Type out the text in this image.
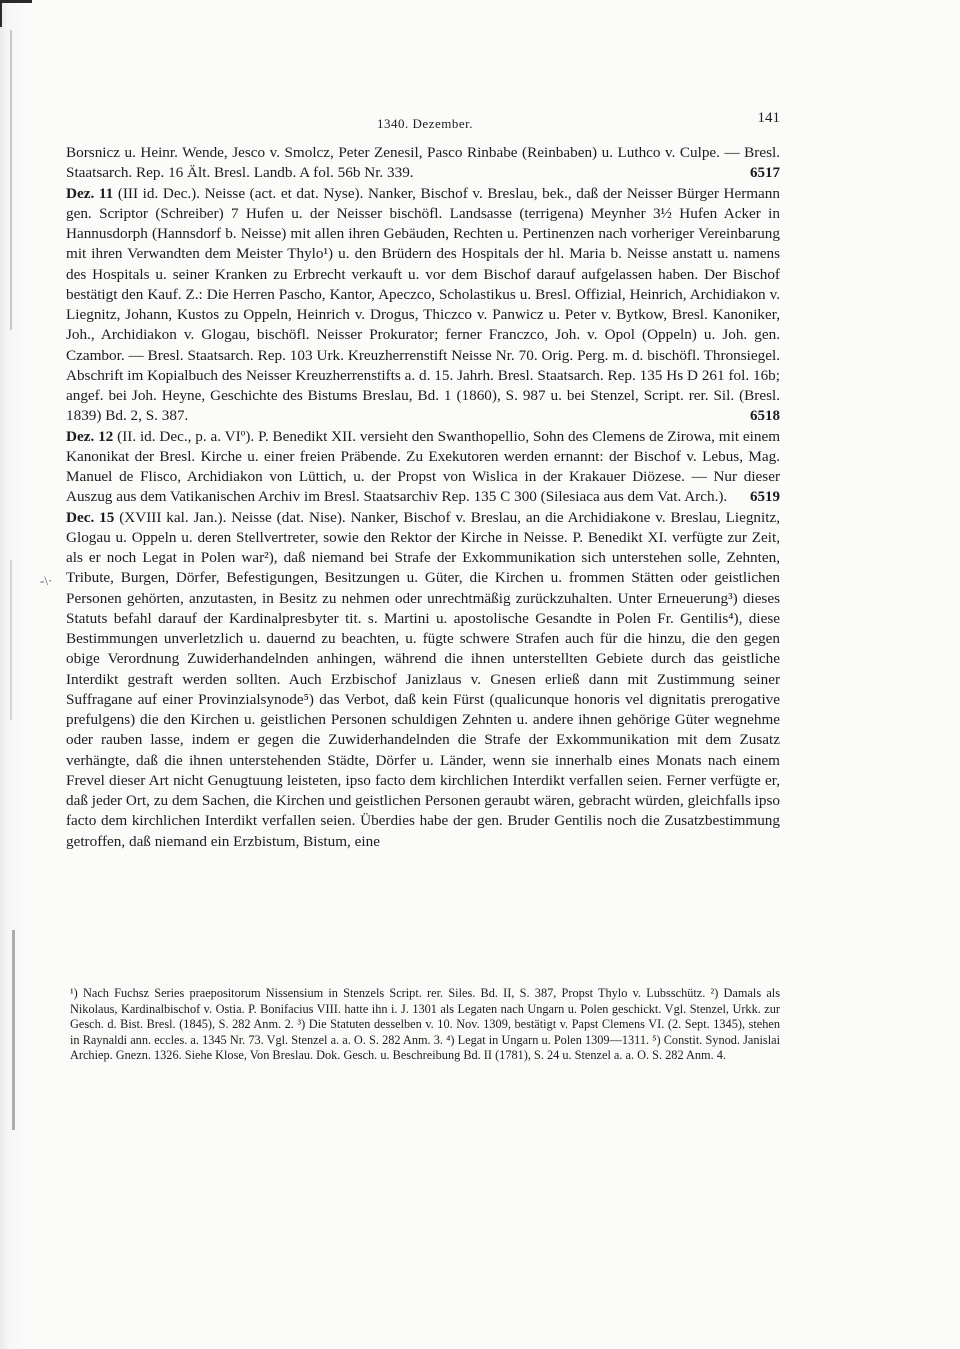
1340. Dezember.	141
-\·

Borsnicz u. Heinr. Wende, Jesco v. Smolcz, Peter Zenesil, Pasco Rinbabe (Reinbaben) u. Luthco v. Culpe. — Bresl. Staatsarch. Rep. 16 Ält. Bresl. Landb. A fol. 56b Nr. 339.	6517

Dez. 11 (III id. Dec.). Neisse (act. et dat. Nyse). Nanker, Bischof v. Breslau, bek., daß der Neisser Bürger Hermann gen. Scriptor (Schreiber) 7 Hufen u. der Neisser bischöfl. Landsasse (terrigena) Meynher 3½ Hufen Acker in Hannusdorph (Hannsdorf b. Neisse) mit allen ihren Gebäuden, Rechten u. Pertinenzen nach vorheriger Vereinbarung mit ihren Verwandten dem Meister Thylo¹) u. den Brüdern des Hospitals der hl. Maria b. Neisse anstatt u. namens des Hospitals u. seiner Kranken zu Erbrecht verkauft u. vor dem Bischof darauf aufgelassen haben. Der Bischof bestätigt den Kauf. Z.: Die Herren Pascho, Kantor, Apeczco, Scholastikus u. Bresl. Offizial, Heinrich, Archidiakon v. Liegnitz, Johann, Kustos zu Oppeln, Heinrich v. Drogus, Thiczco v. Panwicz u. Peter v. Bytkow, Bresl. Kanoniker, Joh., Archidiakon v. Glogau, bischöfl. Neisser Prokurator; ferner Franczco, Joh. v. Opol (Oppeln) u. Joh. gen. Czambor. — Bresl. Staatsarch. Rep. 103 Urk. Kreuzherrenstift Neisse Nr. 70. Orig. Perg. m. d. bischöfl. Thronsiegel. Abschrift im Kopialbuch des Neisser Kreuzherrenstifts a. d. 15. Jahrh. Bresl. Staatsarch. Rep. 135 Hs D 261 fol. 16b; angef. bei Joh. Heyne, Geschichte des Bistums Breslau, Bd. 1 (1860), S. 987 u. bei Stenzel, Script. rer. Sil. (Bresl. 1839) Bd. 2, S. 387.	6518

Dez. 12 (II. id. Dec., p. a. VIº). P. Benedikt XII. versieht den Swanthopellio, Sohn des Clemens de Zirowa, mit einem Kanonikat der Bresl. Kirche u. einer freien Präbende. Zu Exekutoren werden ernannt: der Bischof v. Lebus, Mag. Manuel de Flisco, Archidiakon von Lüttich, u. der Propst von Wislica in der Krakauer Diözese. — Nur dieser Auszug aus dem Vatikanischen Archiv im Bresl. Staatsarchiv Rep. 135 C 300 (Silesiaca aus dem Vat. Arch.). 6519

Dec. 15 (XVIII kal. Jan.). Neisse (dat. Nise). Nanker, Bischof v. Breslau, an die Archidiakone v. Breslau, Liegnitz, Glogau u. Oppeln u. deren Stellvertreter, sowie den Rektor der Kirche in Neisse. P. Benedikt XI. verfügte zur Zeit, als er noch Legat in Polen war²), daß niemand bei Strafe der Exkommunikation sich unterstehen solle, Zehnten, Tribute, Burgen, Dörfer, Befestigungen, Besitzungen u. Güter, die Kirchen u. frommen Stätten oder geistlichen Personen gehörten, anzutasten, in Besitz zu nehmen oder unrechtmäßig zurückzuhalten. Unter Erneuerung³) dieses Statuts befahl darauf der Kardinalpresbyter tit. s. Martini u. apostolische Gesandte in Polen Fr. Gentilis⁴), diese Bestimmungen unverletzlich u. dauernd zu beachten, u. fügte schwere Strafen auch für die hinzu, die den gegen obige Verordnung Zuwiderhandelnden anhingen, während die ihnen unterstellten Gebiete durch das geistliche Interdikt gestraft werden sollten. Auch Erzbischof Janizlaus v. Gnesen erließ dann mit Zustimmung seiner Suffragane auf einer Provinzialsynode⁵) das Verbot, daß kein Fürst (qualicunque honoris vel dignitatis prerogative prefulgens) die den Kirchen u. geistlichen Personen schuldigen Zehnten u. andere ihnen gehörige Güter wegnehme oder rauben lasse, indem er gegen die Zuwiderhandelnden die Strafe der Exkommunikation mit dem Zusatz verhängte, daß die ihnen unterstehenden Städte, Dörfer u. Länder, wenn sie innerhalb eines Monats nach einem Frevel dieser Art nicht Genugtuung leisteten, ipso facto dem kirchlichen Interdikt verfallen seien. Ferner verfügte er, daß jeder Ort, zu dem Sachen, die Kirchen und geistlichen Personen geraubt wären, gebracht würden, gleichfalls ipso facto dem kirchlichen Interdikt verfallen seien. Überdies habe der gen. Bruder Gentilis noch die Zusatzbestimmung getroffen, daß niemand ein Erzbistum, Bistum, eine

¹) Nach Fuchsz Series praepositorum Nissensium in Stenzels Script. rer. Siles. Bd. II, S. 387, Propst Thylo v. Lubsschütz. ²) Damals als Nikolaus, Kardinalbischof v. Ostia. P. Bonifacius VIII. hatte ihn i. J. 1301 als Legaten nach Ungarn u. Polen geschickt. Vgl. Stenzel, Urkk. zur Gesch. d. Bist. Bresl. (1845), S. 282 Anm. 2. ³) Die Statuten desselben v. 10. Nov. 1309, bestätigt v. Papst Clemens VI. (2. Sept. 1345), stehen in Raynaldi ann. eccles. a. 1345 Nr. 73. Vgl. Stenzel a. a. O. S. 282 Anm. 3. ⁴) Legat in Ungarn u. Polen 1309—1311. ⁵) Constit. Synod. Janislai Archiep. Gnezn. 1326. Siehe Klose, Von Breslau. Dok. Gesch. u. Beschreibung Bd. II (1781), S. 24 u. Stenzel a. a. O. S. 282 Anm. 4.
